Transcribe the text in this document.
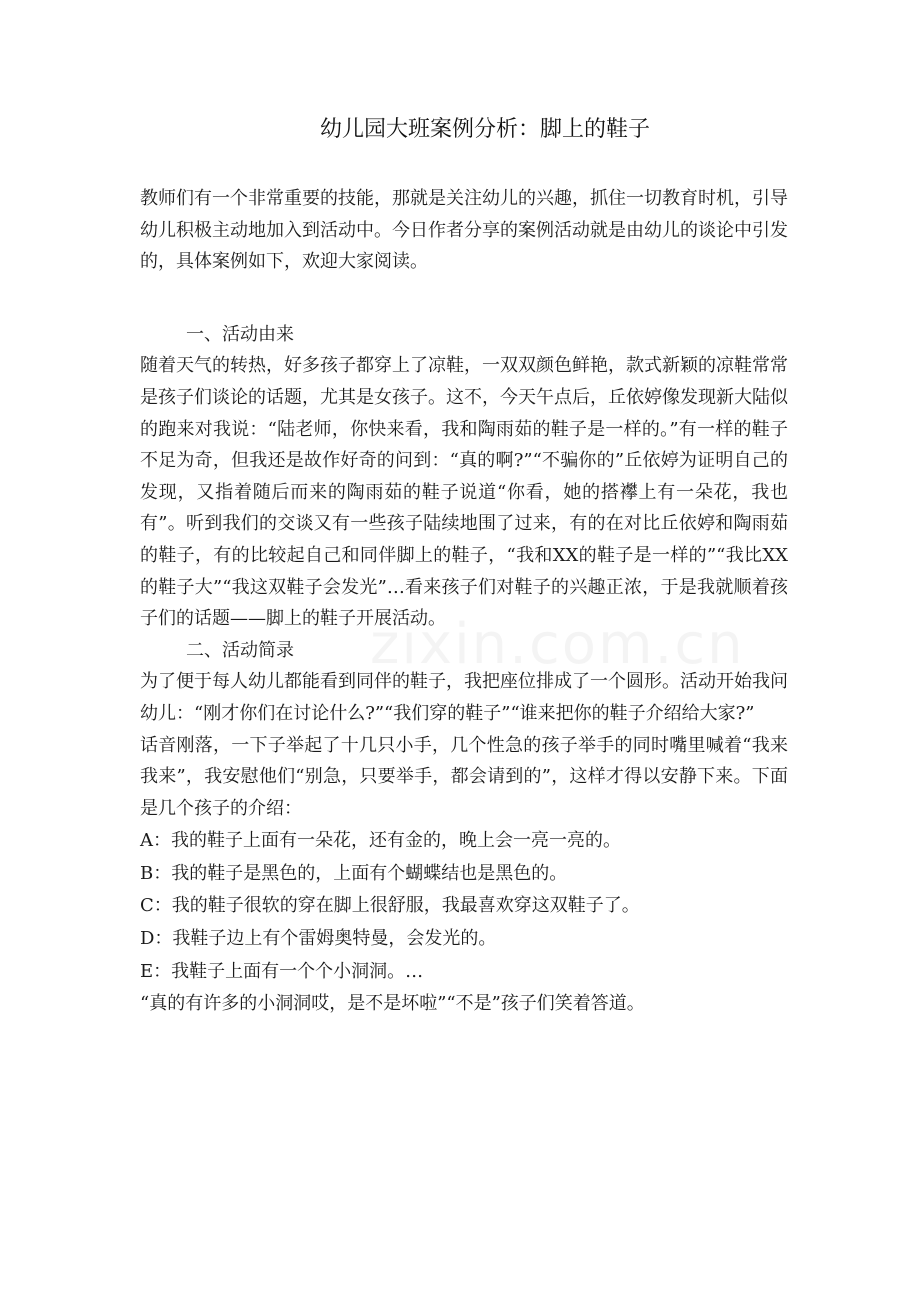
幼儿园大班案例分析：脚上的鞋子

教师们有一个非常重要的技能，那就是关注幼儿的兴趣，抓住一切教育时机，引导幼儿积极主动地加入到活动中。今日作者分享的案例活动就是由幼儿的谈论中引发的，具体案例如下，欢迎大家阅读。

一、活动由来

随着天气的转热，好多孩子都穿上了凉鞋，一双双颜色鲜艳，款式新颖的凉鞋常常是孩子们谈论的话题，尤其是女孩子。这不，今天午点后，丘依婷像发现新大陆似的跑来对我说：“陆老师，你快来看，我和陶雨茹的鞋子是一样的。”有一样的鞋子不足为奇，但我还是故作好奇的问到：“真的啊?”“不骗你的”丘依婷为证明自己的发现，又指着随后而来的陶雨茹的鞋子说道“你看，她的搭襻上有一朵花，我也有”。听到我们的交谈又有一些孩子陆续地围了过来，有的在对比丘依婷和陶雨茹的鞋子，有的比较起自己和同伴脚上的鞋子，“我和XX的鞋子是一样的”“我比XX的鞋子大”“我这双鞋子会发光”…看来孩子们对鞋子的兴趣正浓，于是我就顺着孩子们的话题——脚上的鞋子开展活动。

二、活动简录

为了便于每人幼儿都能看到同伴的鞋子，我把座位排成了一个圆形。活动开始我问幼儿：“刚才你们在讨论什么?”“我们穿的鞋子”“谁来把你的鞋子介绍给大家?”

话音刚落，一下子举起了十几只小手，几个性急的孩子举手的同时嘴里喊着“我来我来”，我安慰他们“别急，只要举手，都会请到的”，这样才得以安静下来。下面是几个孩子的介绍：

A：我的鞋子上面有一朵花，还有金的，晚上会一亮一亮的。

B：我的鞋子是黑色的，上面有个蝴蝶结也是黑色的。

C：我的鞋子很软的穿在脚上很舒服，我最喜欢穿这双鞋子了。

D：我鞋子边上有个雷姆奥特曼，会发光的。

E：我鞋子上面有一个个小洞洞。…

“真的有许多的小洞洞哎，是不是坏啦”“不是”孩子们笑着答道。
